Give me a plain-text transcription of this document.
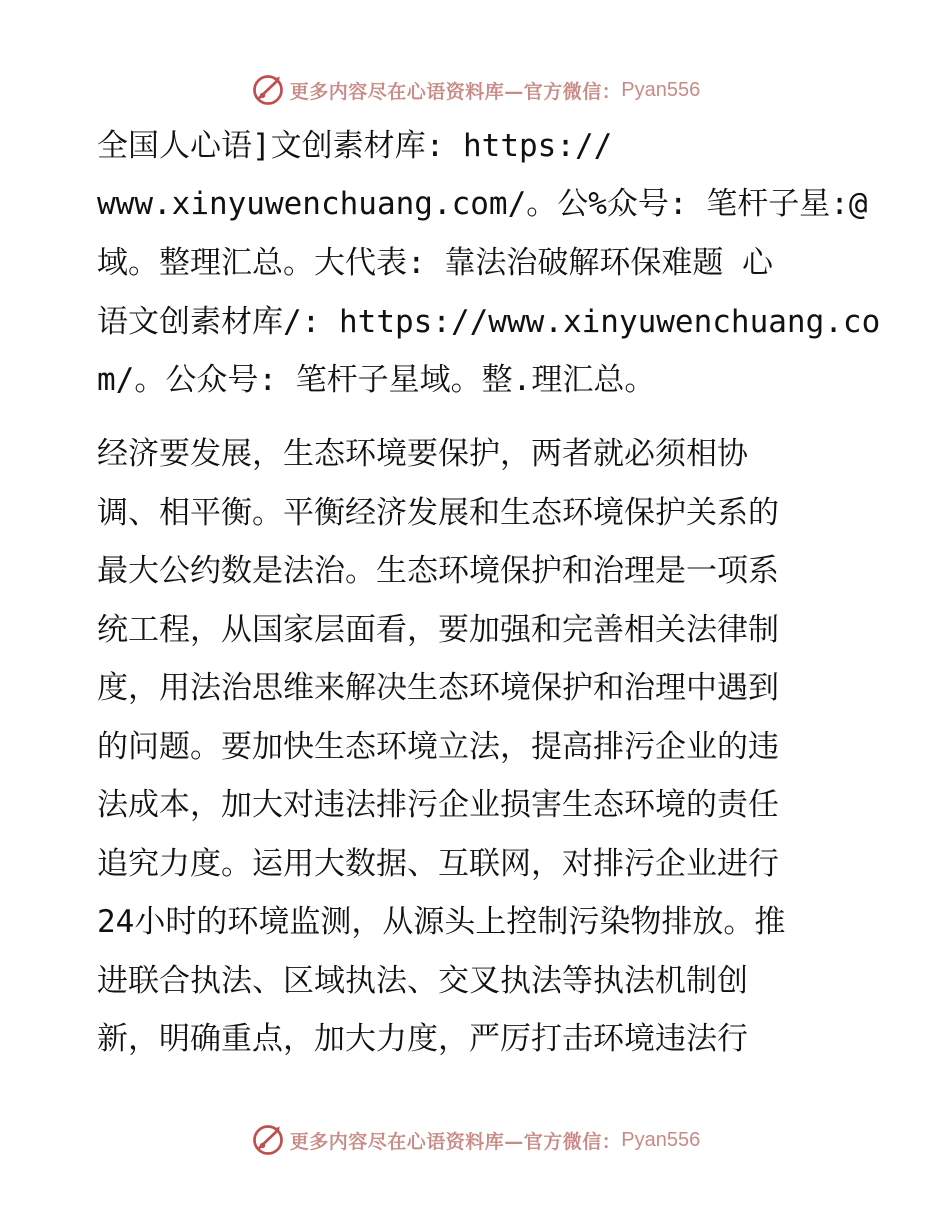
更多内容尽在心语资料库—官方微信： Pyan556
全国人心语]文创素材库: https://
www.xinyuwenchuang.com/。公%众号: 笔杆子星:@
域。整理汇总。大代表: 靠法治破解环保难题 心
语文创素材库/: https://www.xinyuwenchuang.co
m/。公众号: 笔杆子星域。整.理汇总。
经济要发展，生态环境要保护，两者就必须相协
调、相平衡。平衡经济发展和生态环境保护关系的
最大公约数是法治。生态环境保护和治理是一项系
统工程，从国家层面看，要加强和完善相关法律制
度，用法治思维来解决生态环境保护和治理中遇到
的问题。要加快生态环境立法，提高排污企业的违
法成本，加大对违法排污企业损害生态环境的责任
追究力度。运用大数据、互联网，对排污企业进行
24小时的环境监测，从源头上控制污染物排放。推
进联合执法、区域执法、交叉执法等执法机制创
新，明确重点，加大力度，严厉打击环境违法行
更多内容尽在心语资料库—官方微信： Pyan556
